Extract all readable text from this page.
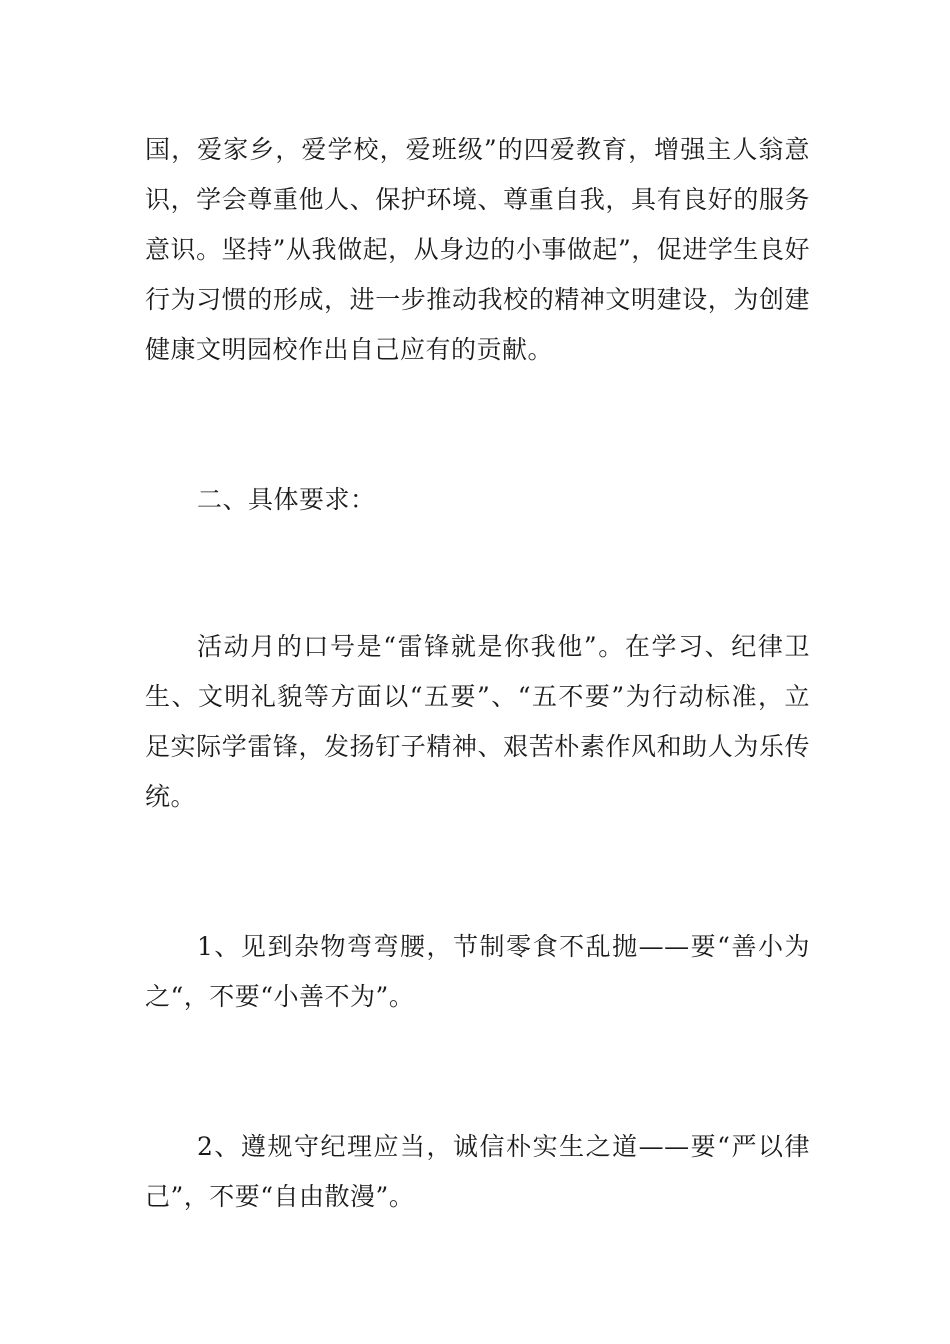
国，爱家乡，爱学校，爱班级”的四爱教育，增强主人翁意识，学会尊重他人、保护环境、尊重自我，具有良好的服务意识。坚持”从我做起，从身边的小事做起”，促进学生良好行为习惯的形成，进一步推动我校的精神文明建设，为创建健康文明园校作出自己应有的贡献。

二、具体要求：

活动月的口号是“雷锋就是你我他”。在学习、纪律卫生、文明礼貌等方面以“五要”、“五不要”为行动标准，立足实际学雷锋，发扬钉子精神、艰苦朴素作风和助人为乐传统。

1、见到杂物弯弯腰，节制零食不乱抛——要“善小为之“，不要“小善不为”。

2、遵规守纪理应当，诚信朴实生之道——要“严以律己”，不要“自由散漫”。
